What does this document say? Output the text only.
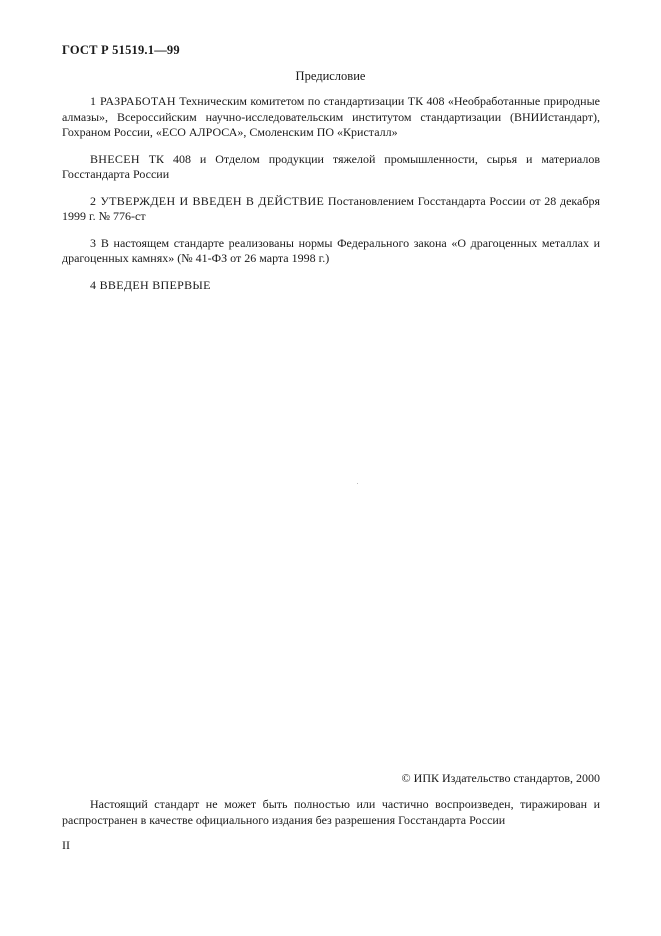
ГОСТ Р 51519.1—99
Предисловие

1 РАЗРАБОТАН Техническим комитетом по стандартизации ТК 408 «Необработанные природные алмазы», Всероссийским научно-исследовательским институтом стандартизации (ВНИИстандарт), Гохраном России, «ЕСО АЛРОСА», Смоленским ПО «Кристалл»

ВНЕСЕН ТК 408 и Отделом продукции тяжелой промышленности, сырья и материалов Госстандарта России

2 УТВЕРЖДЕН И ВВЕДЕН В ДЕЙСТВИЕ Постановлением Госстандарта России от 28 декабря 1999 г. № 776-ст

3 В настоящем стандарте реализованы нормы Федерального закона «О драгоценных металлах и драгоценных камнях» (№ 41-ФЗ от 26 марта 1998 г.)

4 ВВЕДЕН ВПЕРВЫЕ

© ИПК Издательство стандартов, 2000

Настоящий стандарт не может быть полностью или частично воспроизведен, тиражирован и распространен в качестве официального издания без разрешения Госстандарта России

II
